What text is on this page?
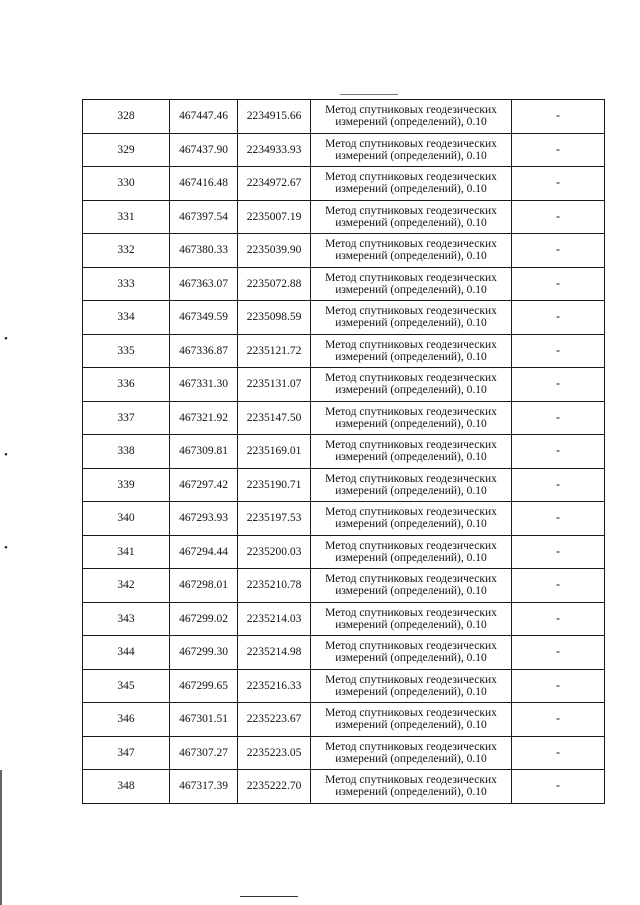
•
•
•
328	467447.46	2234915.66	Метод спутниковых геодезических
измерений (определений), 0.10	-
329	467437.90	2234933.93	Метод спутниковых геодезических
измерений (определений), 0.10	-
330	467416.48	2234972.67	Метод спутниковых геодезических
измерений (определений), 0.10	-
331	467397.54	2235007.19	Метод спутниковых геодезических
измерений (определений), 0.10	-
332	467380.33	2235039.90	Метод спутниковых геодезических
измерений (определений), 0.10	-
333	467363.07	2235072.88	Метод спутниковых геодезических
измерений (определений), 0.10	-
334	467349.59	2235098.59	Метод спутниковых геодезических
измерений (определений), 0.10	-
335	467336.87	2235121.72	Метод спутниковых геодезических
измерений (определений), 0.10	-
336	467331.30	2235131.07	Метод спутниковых геодезических
измерений (определений), 0.10	-
337	467321.92	2235147.50	Метод спутниковых геодезических
измерений (определений), 0.10	-
338	467309.81	2235169.01	Метод спутниковых геодезических
измерений (определений), 0.10	-
339	467297.42	2235190.71	Метод спутниковых геодезических
измерений (определений), 0.10	-
340	467293.93	2235197.53	Метод спутниковых геодезических
измерений (определений), 0.10	-
341	467294.44	2235200.03	Метод спутниковых геодезических
измерений (определений), 0.10	-
342	467298.01	2235210.78	Метод спутниковых геодезических
измерений (определений), 0.10	-
343	467299.02	2235214.03	Метод спутниковых геодезических
измерений (определений), 0.10	-
344	467299.30	2235214.98	Метод спутниковых геодезических
измерений (определений), 0.10	-
345	467299.65	2235216.33	Метод спутниковых геодезических
измерений (определений), 0.10	-
346	467301.51	2235223.67	Метод спутниковых геодезических
измерений (определений), 0.10	-
347	467307.27	2235223.05	Метод спутниковых геодезических
измерений (определений), 0.10	-
348	467317.39	2235222.70	Метод спутниковых геодезических
измерений (определений), 0.10	-
